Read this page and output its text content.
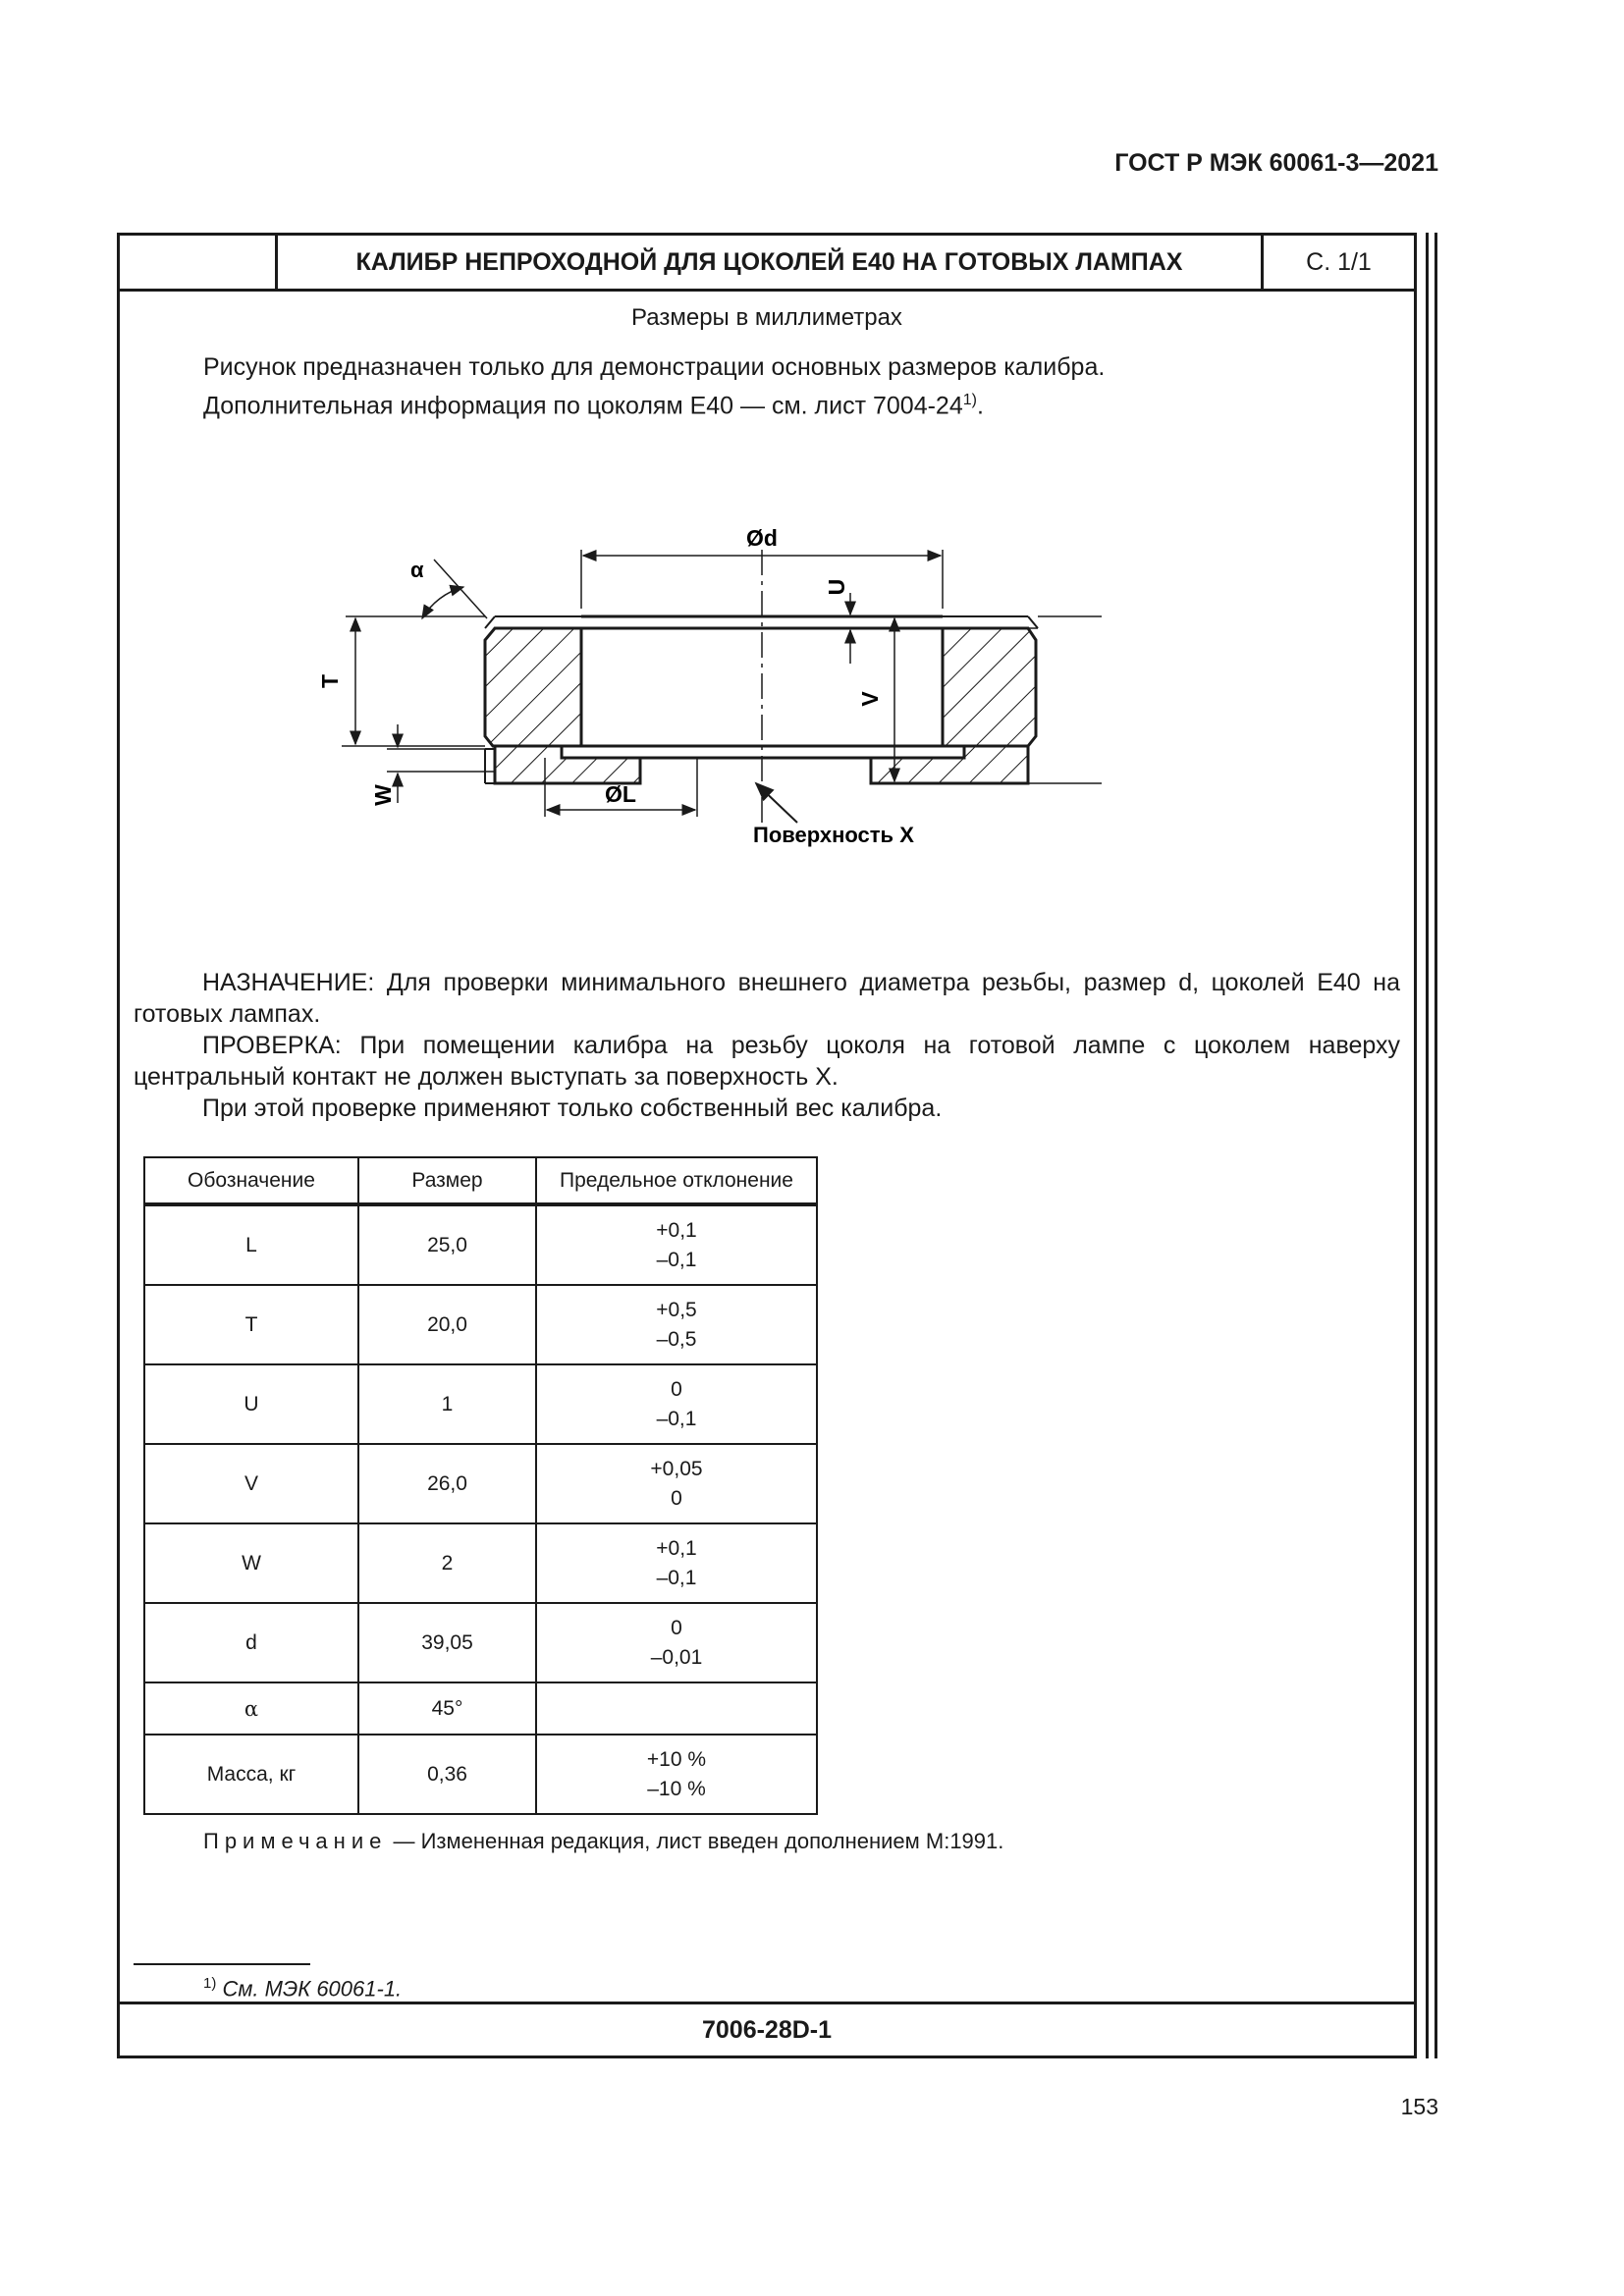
ГОСТ Р МЭК 60061-3—2021
КАЛИБР НЕПРОХОДНОЙ ДЛЯ ЦОКОЛЕЙ E40 НА ГОТОВЫХ ЛАМПАХ	С. 1/1
Размеры в миллиметрах
Рисунок предназначен только для демонстрации основных размеров калибра.
Дополнительная информация по цоколям E40 — см. лист 7004-24$^{1)}$.
Ød
α
T
W	ØL
U
V
Поверхность X

НАЗНАЧЕНИЕ: Для проверки минимального внешнего диаметра резьбы, размер d, цоколей E40 на готовых лампах.

ПРОВЕРКА: При помещении калибра на резьбу цоколя на готовой лампе с цоколем наверху центральный контакт не должен выступать за поверхность X.

При этой проверке применяют только собственный вес калибра.

Обозначение	Размер	Предельное отклонение
L	25,0	+0,1
–0,1

T	20,0	+0,5
–0,5

U	1	0
–0,1

V	26,0	+0,05
0

W	2	+0,1
–0,1

d	39,05	0
–0,01

α	45°	

Масса, кг	0,36	+10 %
–10 %
Примечание — Измененная редакция, лист введен дополнением M:1991.
$^{1)}$ См. МЭК 60061-1.
7006-28D-1
153
